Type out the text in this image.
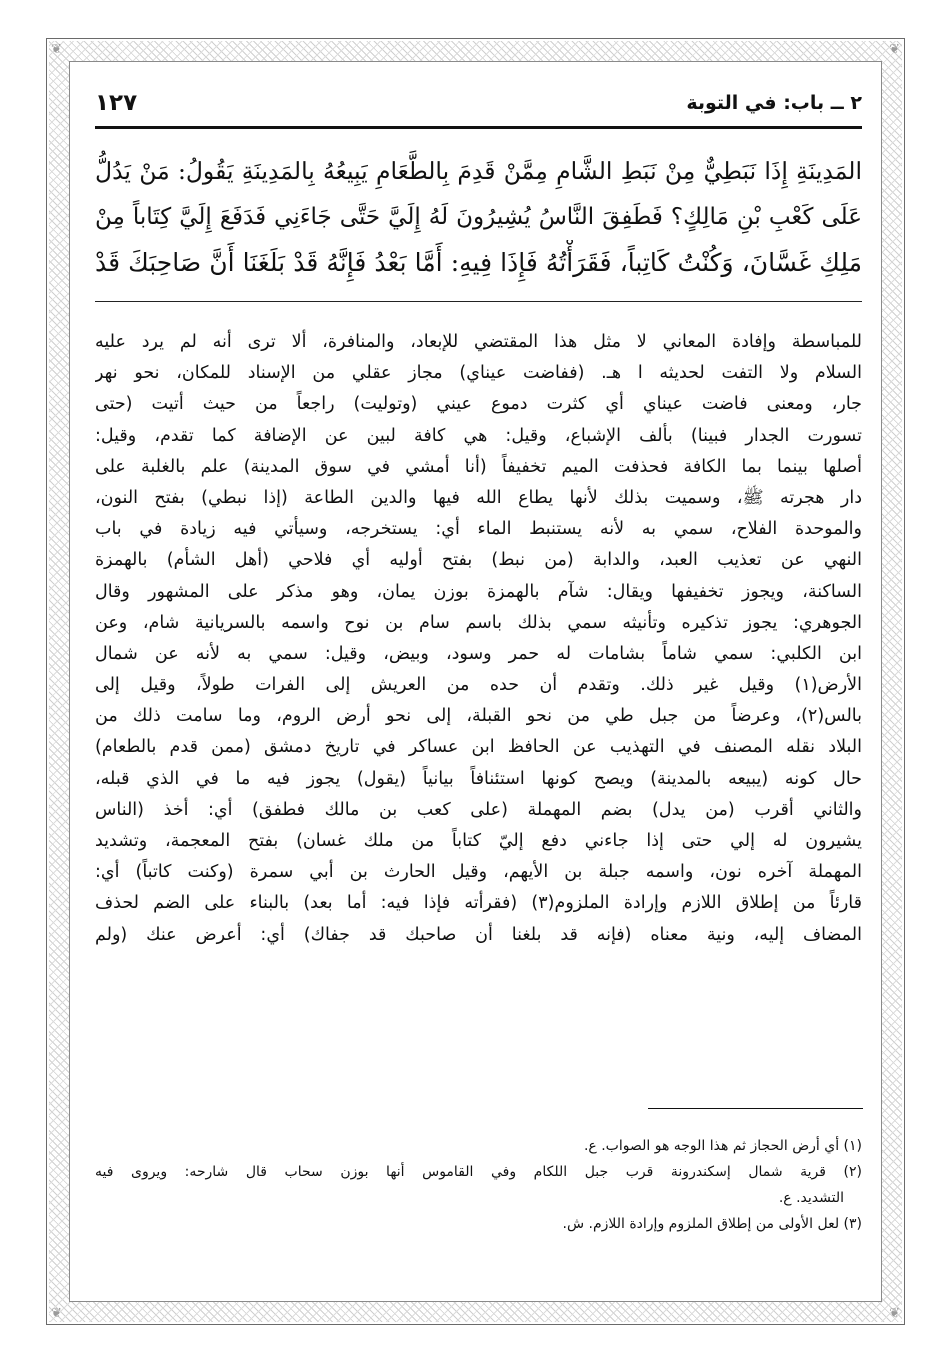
❦	❦
❦	❦
٢ ــ باب: في التوبة
١٢٧
المَدِينَةِ إِذَا نَبَطِيٌّ مِنْ نَبَطِ الشَّامِ مِمَّنْ قَدِمَ بِالطَّعَامِ يَبِيعُهُ بِالمَدِينَةِ يَقُولُ: مَنْ يَدُلُّ
عَلَى كَعْبِ بْنِ مَالِكٍ؟ فَطَفِقَ النَّاسُ يُشِيرُونَ لَهُ إِلَيَّ حَتَّى جَاءَنِي فَدَفَعَ إِلَيَّ كِتَاباً مِنْ
مَلِكِ غَسَّانَ، وَكُنْتُ كَاتِباً، فَقَرَأْتُهُ فَإِذَا فِيهِ: أَمَّا بَعْدُ فَإِنَّهُ قَدْ بَلَغَنَا أَنَّ صَاحِبَكَ قَدْ
للمباسطة وإفادة المعاني لا مثل هذا المقتضي للإبعاد، والمنافرة، ألا ترى أنه لم يرد عليه
السلام ولا التفت لحديثه ا هـ. (ففاضت عيناي) مجاز عقلي من الإسناد للمكان، نحو نهر
جار، ومعنى فاضت عيناي أي كثرت دموع عيني (وتوليت) راجعاً من حيث أتيت (حتى
تسورت الجدار فبينا) بألف الإشباع، وقيل: هي كافة لبين عن الإضافة كما تقدم، وقيل:
أصلها بينما بما الكافة فحذفت الميم تخفيفاً (أنا أمشي في سوق المدينة) علم بالغلبة على
دار هجرته ﷺ، وسميت بذلك لأنها يطاع الله فيها والدين الطاعة (إذا نبطي) بفتح النون،
والموحدة الفلاح، سمي به لأنه يستنبط الماء أي: يستخرجه، وسيأتي فيه زيادة في باب
النهي عن تعذيب العبد، والدابة (من نبط) بفتح أوليه أي فلاحي (أهل الشأم) بالهمزة
الساكنة، ويجوز تخفيفها ويقال: شآم بالهمزة بوزن يمان، وهو مذكر على المشهور وقال
الجوهري: يجوز تذكيره وتأنيثه سمي بذلك باسم سام بن نوح واسمه بالسريانية شام، وعن
ابن الكلبي: سمي شاماً بشامات له حمر وسود، وبيض، وقيل: سمي به لأنه عن شمال
الأرض(١) وقيل غير ذلك. وتقدم أن حده من العريش إلى الفرات طولاً، وقيل إلى
بالس(٢)، وعرضاً من جبل طي من نحو القبلة، إلى نحو أرض الروم، وما سامت ذلك من
البلاد نقله المصنف في التهذيب عن الحافظ ابن عساكر في تاريخ دمشق (ممن قدم بالطعام)
حال كونه (يبيعه بالمدينة) ويصح كونها استئنافاً بيانياً (يقول) يجوز فيه ما في الذي قبله،
والثاني أقرب (من يدل) بضم المهملة (على كعب بن مالك فطفق) أي: أخذ (الناس
يشيرون له إلي حتى إذا جاءني دفع إليّ كتاباً من ملك غسان) بفتح المعجمة، وتشديد
المهملة آخره نون، واسمه جبلة بن الأيهم، وقيل الحارث بن أبي سمرة (وكنت كاتباً) أي:
قارئاً من إطلاق اللازم وإرادة الملزوم(٣) (فقرأته فإذا فيه: أما بعد) بالبناء على الضم لحذف
المضاف إليه، ونية معناه (فإنه قد بلغنا أن صاحبك قد جفاك) أي: أعرض عنك (ولم
(١) أي أرض الحجاز ثم هذا الوجه هو الصواب. ع.
(٢) قرية شمال إسكندرونة قرب جبل اللكام وفي القاموس أنها بوزن سحاب قال شارحه: ويروى فيه
التشديد. ع.
(٣) لعل الأولى من إطلاق الملزوم وإرادة اللازم. ش.
